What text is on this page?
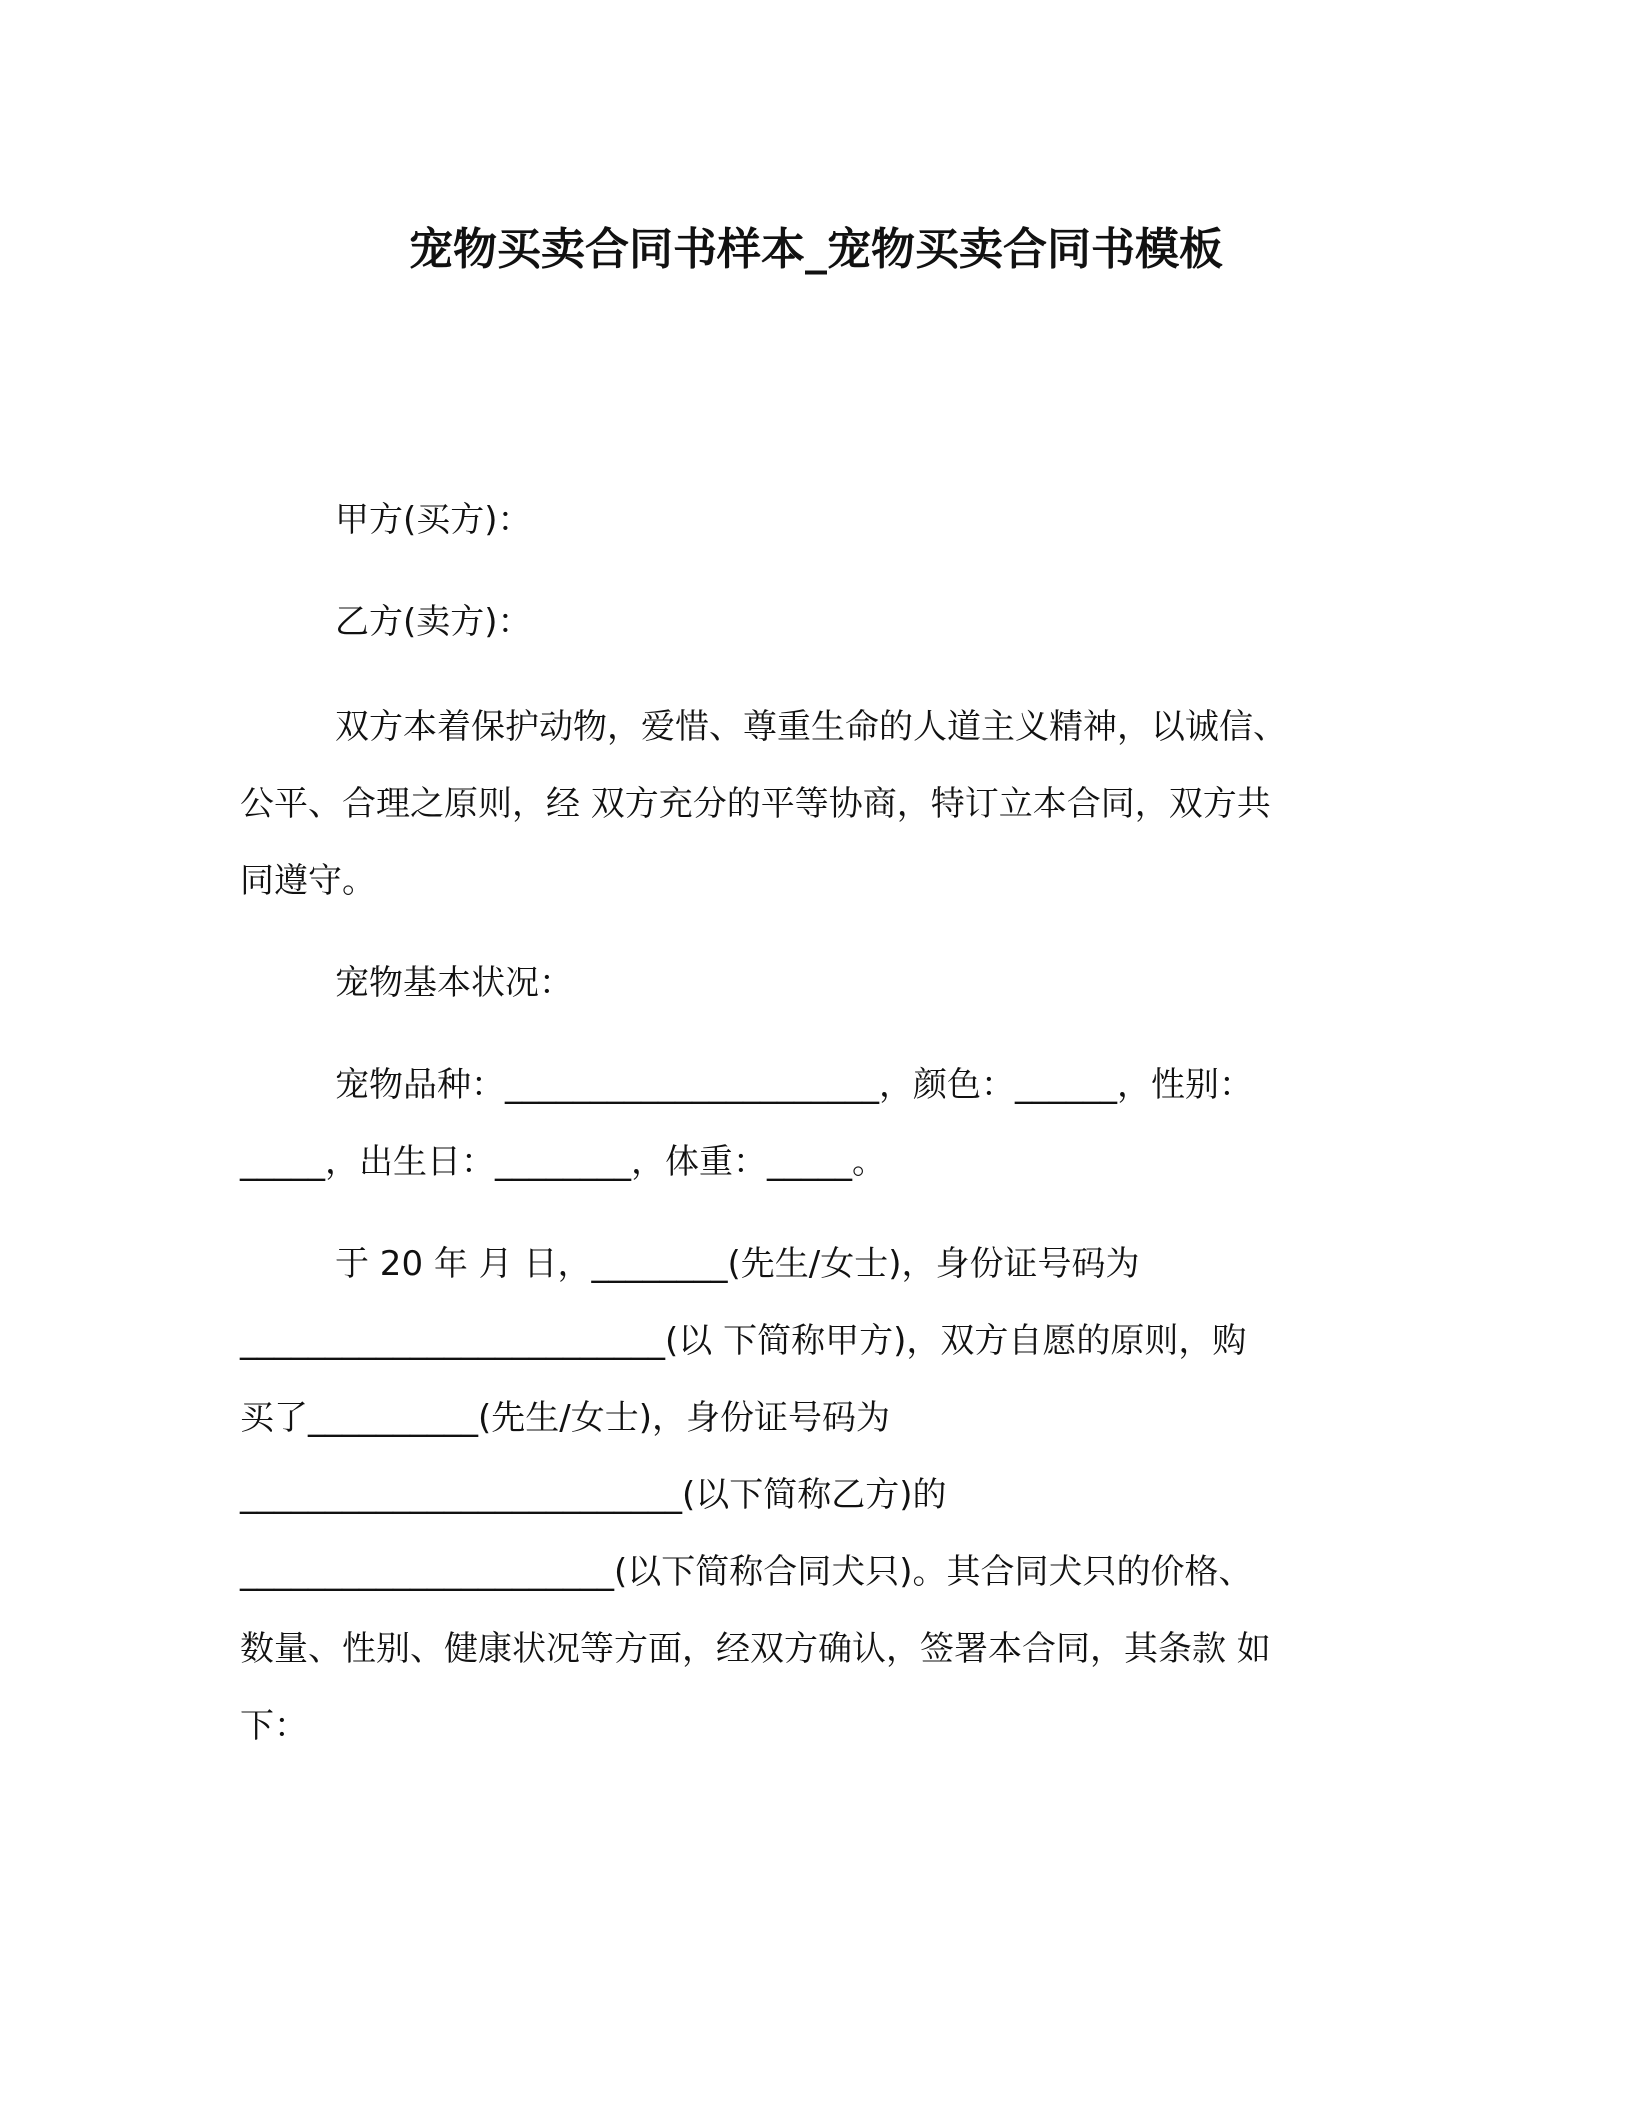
宠物买卖合同书样本_宠物买卖合同书模板
甲方(买方)：
乙方(卖方)：
双方本着保护动物，爱惜、尊重生命的人道主义精神，以诚信、
公平、合理之原则，经 双方充分的平等协商，特订立本合同，双方共
同遵守。
宠物基本状况：
宠物品种：______________________，颜色：______，性别：
_____，出生日：________，体重：_____。
于 20 年 月 日，________(先生/女士)，身份证号码为
_________________________(以 下简称甲方)，双方自愿的原则，购
买了__________(先生/女士)，身份证号码为
__________________________(以下简称乙方)的
______________________(以下简称合同犬只)。其合同犬只的价格、
数量、性别、健康状况等方面，经双方确认，签署本合同，其条款 如
下：
